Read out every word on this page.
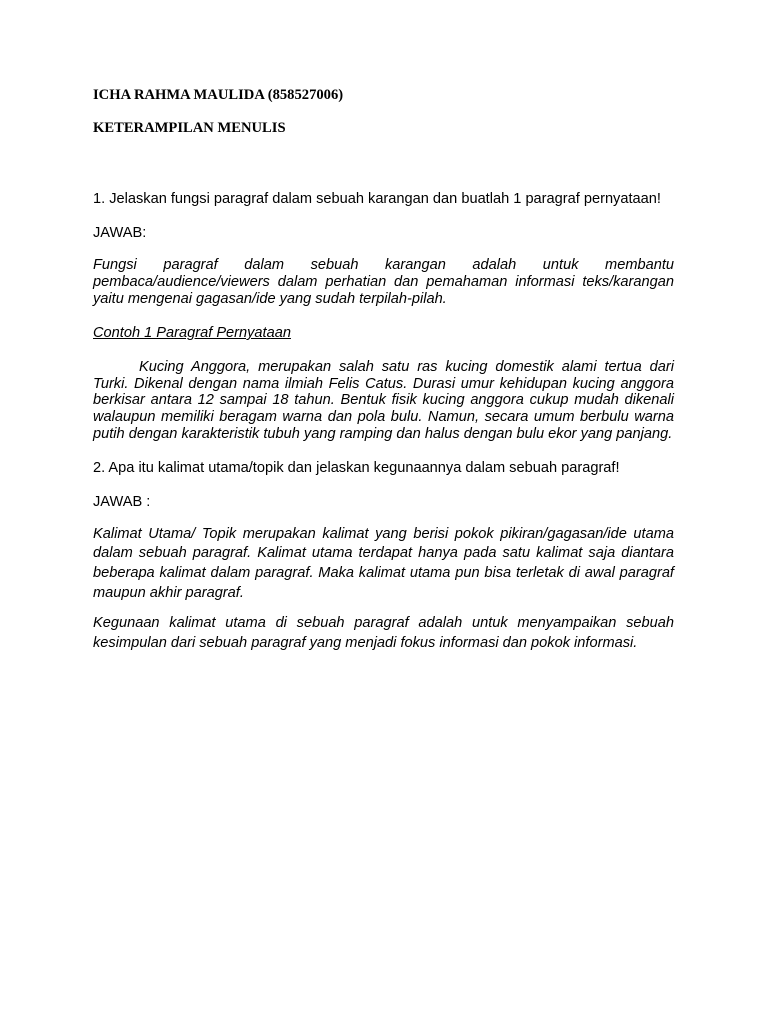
ICHA RAHMA MAULIDA (858527006)

KETERAMPILAN MENULIS

1. Jelaskan fungsi paragraf dalam sebuah karangan dan buatlah 1 paragraf pernyataan!

JAWAB:

Fungsi paragraf dalam sebuah karangan adalah untuk membantu pembaca/audience/viewers dalam perhatian dan pemahaman informasi teks/karangan yaitu mengenai gagasan/ide yang sudah terpilah-pilah.

Contoh 1 Paragraf Pernyataan

Kucing Anggora, merupakan salah satu ras kucing domestik alami tertua dari Turki. Dikenal dengan nama ilmiah Felis Catus. Durasi umur kehidupan kucing anggora berkisar antara 12 sampai 18 tahun. Bentuk fisik kucing anggora cukup mudah dikenali walaupun memiliki beragam warna dan pola bulu. Namun, secara umum berbulu warna putih dengan karakteristik tubuh yang ramping dan halus dengan bulu ekor yang panjang.

2. Apa itu kalimat utama/topik dan jelaskan kegunaannya dalam sebuah paragraf!

JAWAB :

Kalimat Utama/ Topik merupakan kalimat yang berisi pokok pikiran/gagasan/ide utama dalam sebuah paragraf. Kalimat utama terdapat hanya pada satu kalimat saja diantara beberapa kalimat dalam paragraf. Maka kalimat utama pun bisa terletak di awal paragraf maupun akhir paragraf.

Kegunaan kalimat utama di sebuah paragraf adalah untuk menyampaikan sebuah kesimpulan dari sebuah paragraf yang menjadi fokus informasi dan pokok informasi.
